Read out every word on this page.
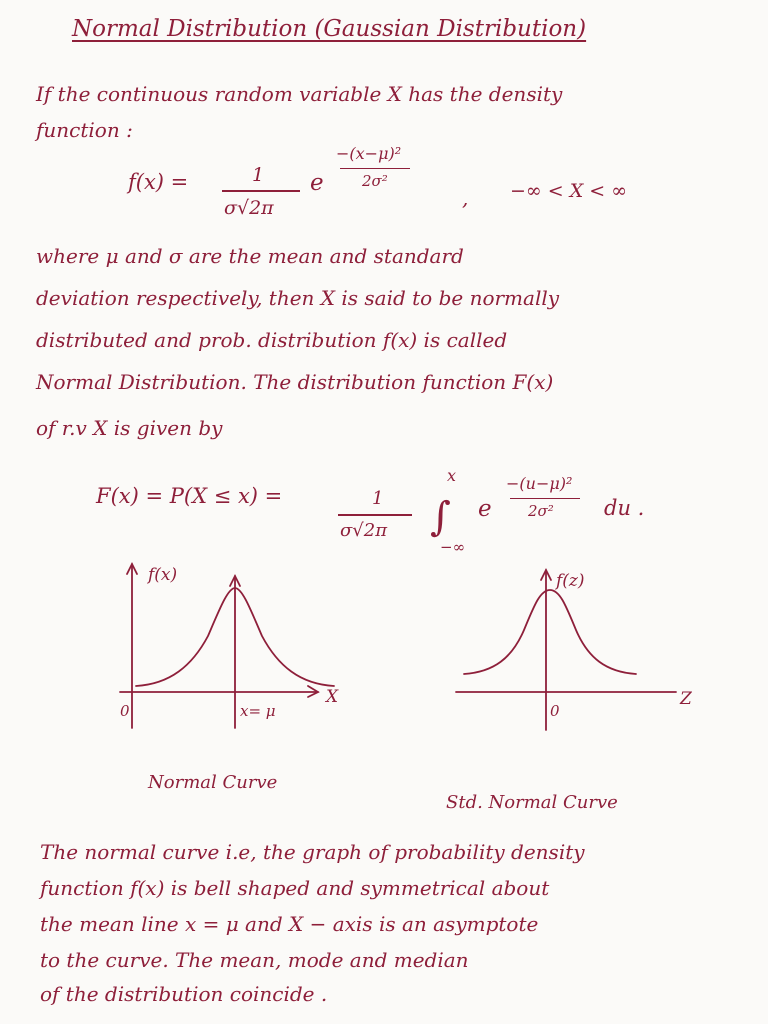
Normal Distribution (Gaussian Distribution)
If the continuous random variable X has the density
function :
f(x) =	1
σ√2π
e
−(x−μ)²
2σ²
, −∞ < X < ∞
where μ and σ are the mean and standard
deviation respectively, then X is said to be normally
distributed and prob. distribution f(x) is called
Normal Distribution. The distribution function F(x)
of r.v X is given by
F(x) = P(X ≤ x) =	1
σ√2π ∫
x
−∞
e
−(u−μ)²
2σ² du .
f(x)
X
0	x= μ
Normal Curve
f(z)
Z
0
Std. Normal Curve
The normal curve i.e, the graph of probability density
function f(x) is bell shaped and symmetrical about
the mean line x = μ and X − axis is an asymptote
to the curve. The mean, mode and median
of the distribution coincide .
